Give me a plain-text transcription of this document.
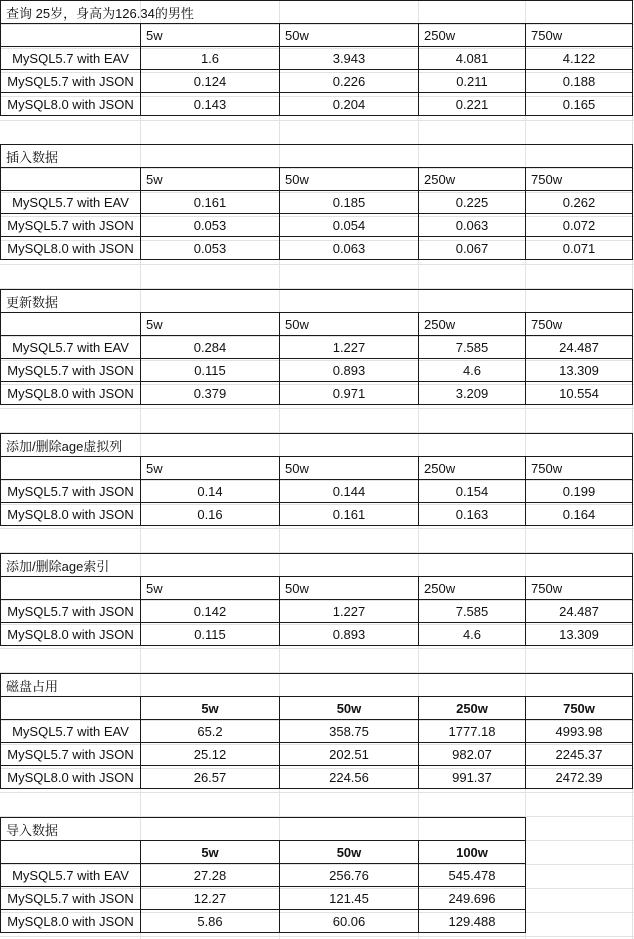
查询 25岁，身高为126.34的男性				
	5w	50w	250w	750w
MySQL5.7 with EAV	1.6	3.943	4.081	4.122
MySQL5.7 with JSON	0.124	0.226	0.211	0.188
MySQL8.0 with JSON	0.143	0.204	0.221	0.165
插入数据				
	5w	50w	250w	750w
MySQL5.7 with EAV	0.161	0.185	0.225	0.262
MySQL5.7 with JSON	0.053	0.054	0.063	0.072
MySQL8.0 with JSON	0.053	0.063	0.067	0.071
更新数据				
	5w	50w	250w	750w
MySQL5.7 with EAV	0.284	1.227	7.585	24.487
MySQL5.7 with JSON	0.115	0.893	4.6	13.309
MySQL8.0 with JSON	0.379	0.971	3.209	10.554
添加/删除age虚拟列				
	5w	50w	250w	750w
MySQL5.7 with JSON	0.14	0.144	0.154	0.199
MySQL8.0 with JSON	0.16	0.161	0.163	0.164
添加/删除age索引				
	5w	50w	250w	750w
MySQL5.7 with JSON	0.142	1.227	7.585	24.487
MySQL8.0 with JSON	0.115	0.893	4.6	13.309
磁盘占用				
	5w	50w	250w	750w
MySQL5.7 with EAV	65.2	358.75	1777.18	4993.98
MySQL5.7 with JSON	25.12	202.51	982.07	2245.37
MySQL8.0 with JSON	26.57	224.56	991.37	2472.39
导入数据			
	5w	50w	100w
MySQL5.7 with EAV	27.28	256.76	545.478
MySQL5.7 with JSON	12.27	121.45	249.696
MySQL8.0 with JSON	5.86	60.06	129.488
